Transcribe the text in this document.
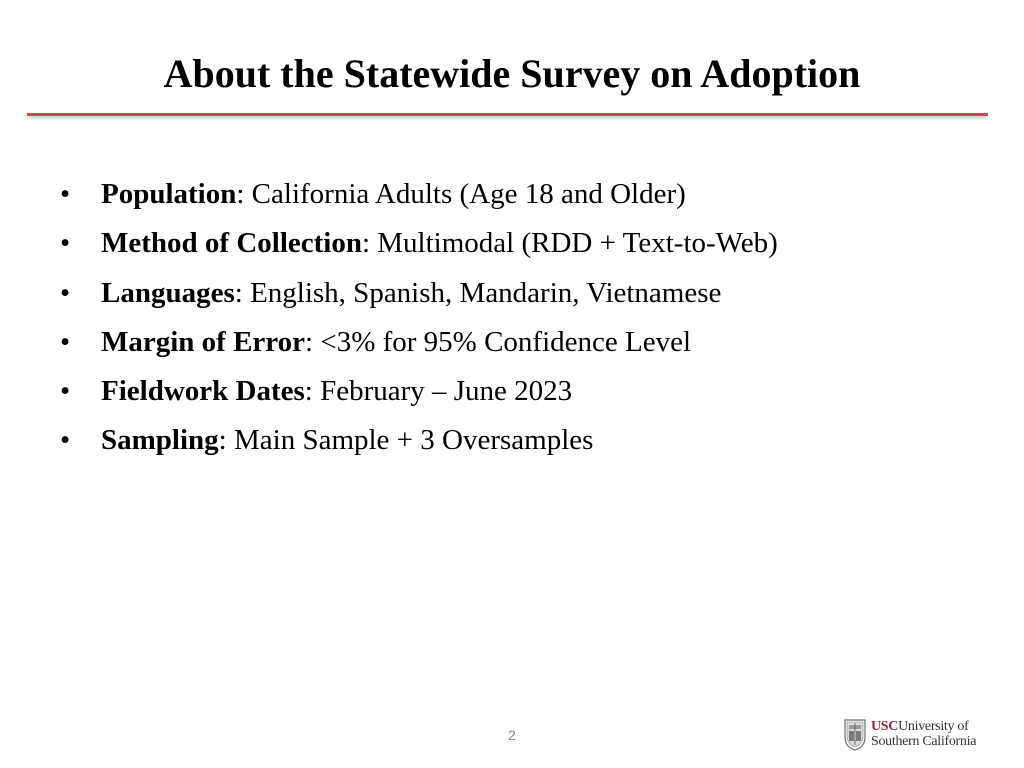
About the Statewide Survey on Adoption
•	Population: California Adults (Age 18 and Older)
•	Method of Collection: Multimodal (RDD + Text-to-Web)
•	Languages: English, Spanish, Mandarin, Vietnamese
•	Margin of Error: <3% for 95% Confidence Level
•	Fieldwork Dates: February – June 2023
•	Sampling: Main Sample + 3 Oversamples
2
USCUniversity of
Southern California
